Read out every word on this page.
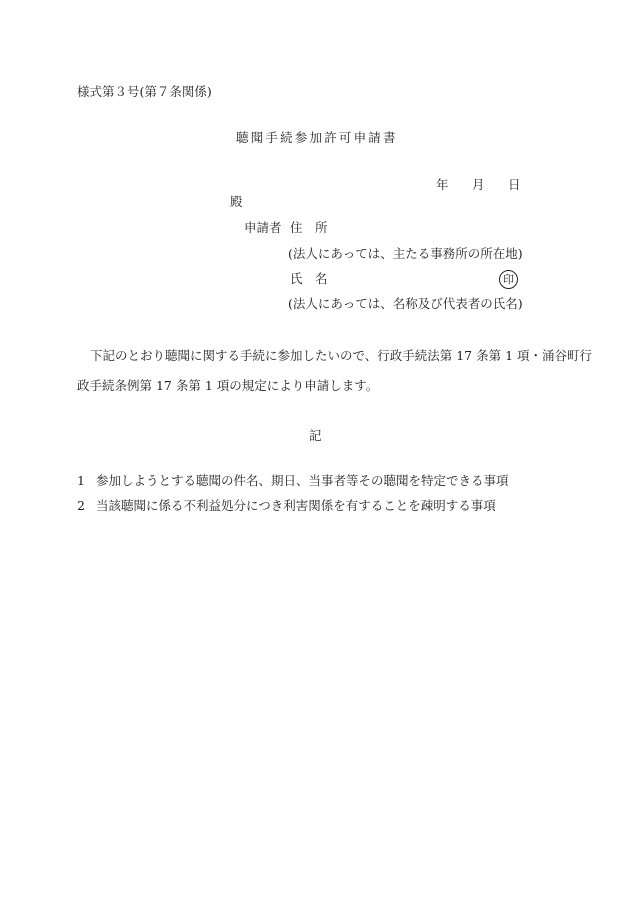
様式第３号(第７条関係)
聴聞手続参加許可申請書
年 月 日
殿
申請者 住　所
(法人にあっては、主たる事務所の所在地)
氏　名	印
(法人にあっては、名称及び代表者の氏名)
下記のとおり聴聞に関する手続に参加したいので、行政手続法第 17 条第 1 項・涌谷町行
政手続条例第 17 条第 1 項の規定により申請します。
記
1 参加しようとする聴聞の件名、期日、当事者等その聴聞を特定できる事項
2 当該聴聞に係る不利益処分につき利害関係を有することを疎明する事項
